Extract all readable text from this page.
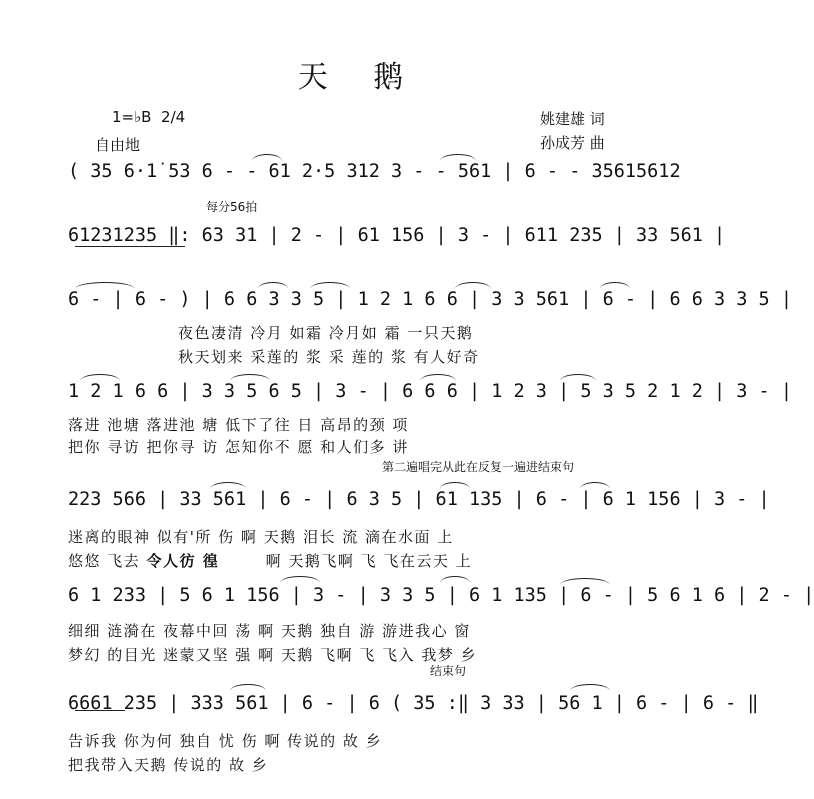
天 鹅
1=♭B 2/4
自由地
姚建雄 词
孙成芳 曲
( 35 6·1̇ 53 6 - - 61 2·5 312 3 - - 561 | 6 - - 35615612
每分56拍
61231235 ‖: 63 31 | 2 - | 61 156 | 3 - | 611 235 | 33 561 |
6 - | 6 - ) | 6 6 3 3 5 | 1 2 1 6 6 | 3 3 561 | 6 - | 6 6 3 3 5 |
夜色凄清 冷月 如霜 冷月如 霜 一只天鹅
秋天划来 采莲的 浆 采 莲的 浆 有人好奇
1 2 1 6 6 | 3 3 5 6 5 | 3 - | 6 6 6 | 1 2 3 | 5 3 5 2 1 2 | 3 - |
落进 池塘 落进池 塘 低下了往 日 高昂的颈 项
把你 寻访 把你寻 访 怎知你不 愿 和人们多 讲
第二遍唱完从此在反复一遍进结束句
223 566 | 33 561 | 6 - | 6 3 5 | 61 135 | 6 - | 6 1 156 | 3 - |
迷离的眼神 似有'所 伤 啊 天鹅 泪长 流 滴在水面 上
悠悠 飞去 令人彷 徨	啊 天鹅飞啊 飞 飞在云天 上
6 1 233 | 5 6 1 156 | 3 - | 3 3 5 | 6 1 135 | 6 - | 5 6 1 6 | 2 - |
细细 涟漪在 夜幕中回 荡 啊 天鹅 独自 游 游进我心 窗
梦幻 的目光 迷蒙又坚 强 啊 天鹅 飞啊 飞 飞入 我梦 乡
结束句
6661 235 | 333 561 | 6 - | 6 ( 35 :‖ 3 33 | 56 1 | 6 - | 6 - ‖
告诉我 你为何 独自 忧 伤 啊 传说的 故 乡
把我带入天鹅 传说的 故 乡
